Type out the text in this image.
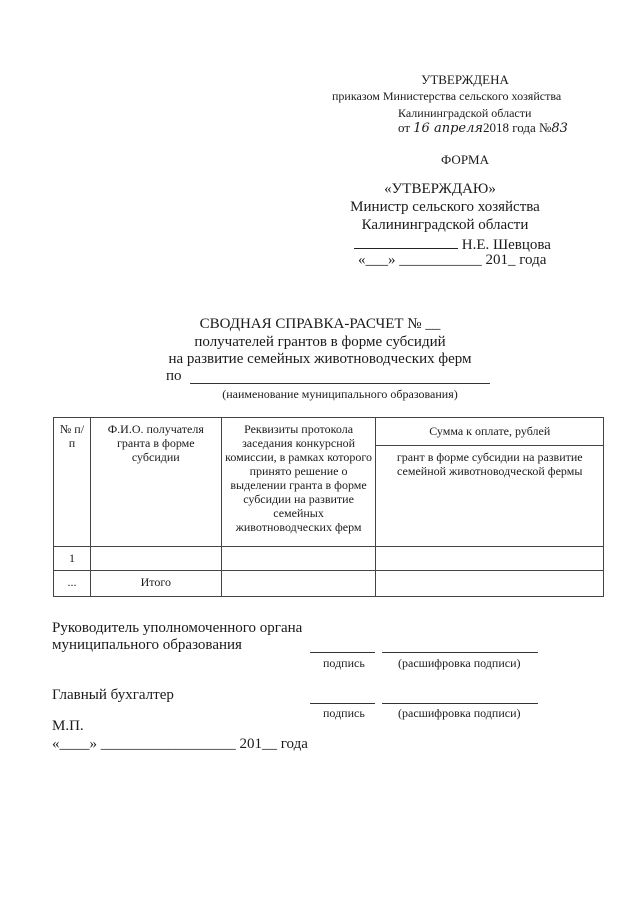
УТВЕРЖДЕНА
приказом Министерства сельского хозяйства
Калининградской области
от 16 апреля2018 года №83
ФОРМА
«УТВЕРЖДАЮ»
Министр сельского хозяйства
Калининградской области
Н.Е. Шевцова
«___» ___________ 201_ года
СВОДНАЯ СПРАВКА-РАСЧЕТ № __
получателей грантов в форме субсидий
на развитие семейных животноводческих ферм
по
(наименование муниципального образования)
№ п/п	Ф.И.О. получателя гранта в форме субсидии	Реквизиты протокола заседания конкурсной комиссии, в рамках которого принято решение о выделении гранта в форме субсидии на развитие семейных животноводческих ферм	Сумма к оплате, рублей
			грант в форме субсидии на развитие семейной животноводческой фермы
1			
...	Итого		
Руководитель уполномоченного органа
муниципального образования
подпись	(расшифровка подписи)
Главный бухгалтер
подпись	(расшифровка подписи)
М.П.
«____» __________________ 201__ года
